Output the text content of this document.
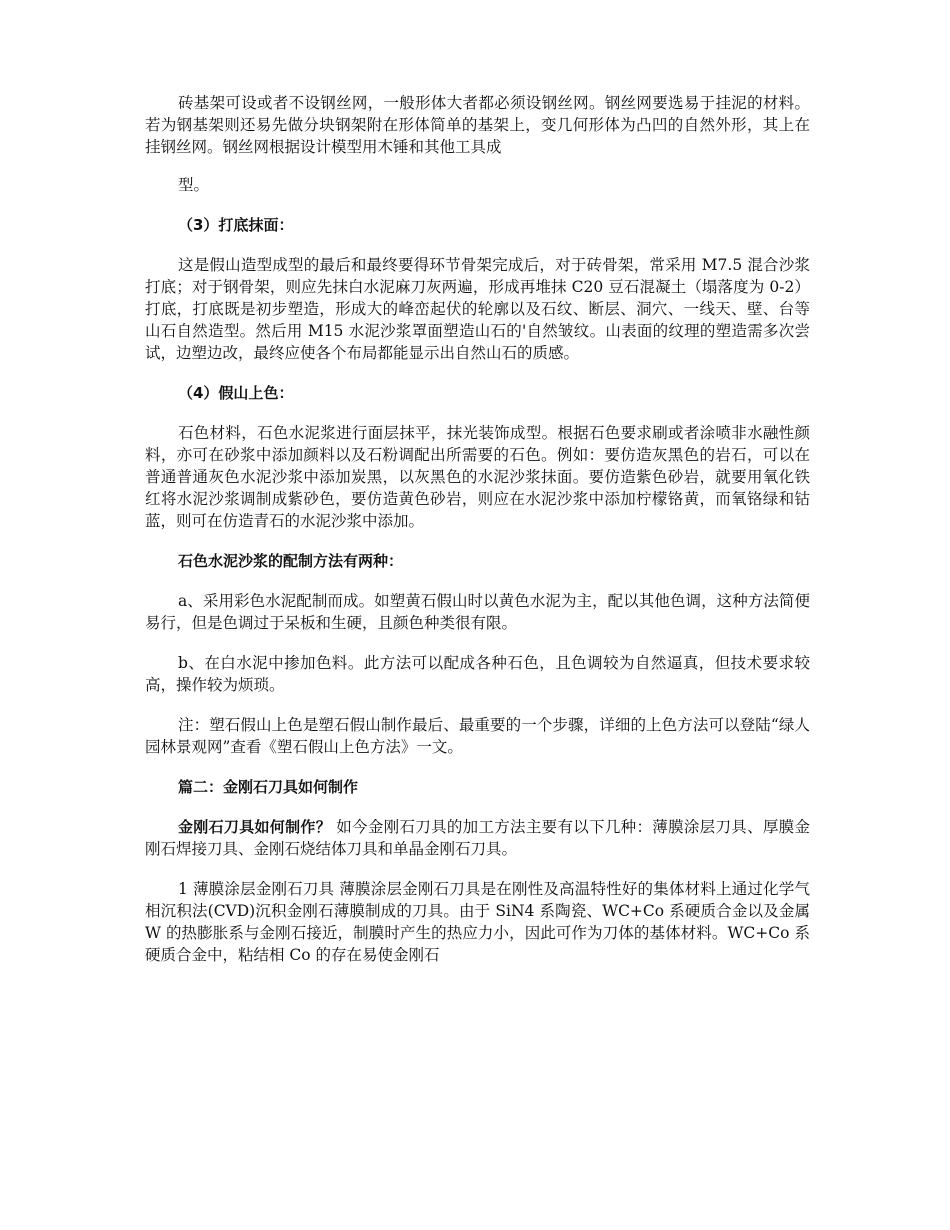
砖基架可设或者不设钢丝网，一般形体大者都必须设钢丝网。钢丝网要选易于挂泥的材料。若为钢基架则还易先做分块钢架附在形体简单的基架上，变几何形体为凸凹的自然外形，其上在挂钢丝网。钢丝网根据设计模型用木锤和其他工具成

型。

（3）打底抹面：

这是假山造型成型的最后和最终要得环节骨架完成后，对于砖骨架，常采用 M7.5 混合沙浆打底；对于钢骨架，则应先抹白水泥麻刀灰两遍，形成再堆抹 C20 豆石混凝土（塌落度为 0-2）打底，打底既是初步塑造，形成大的峰峦起伏的轮廓以及石纹、断层、洞穴、一线天、壁、台等山石自然造型。然后用 M15 水泥沙浆罩面塑造山石的'自然皱纹。山表面的纹理的塑造需多次尝试，边塑边改，最终应使各个布局都能显示出自然山石的质感。

（4）假山上色：

石色材料，石色水泥浆进行面层抹平，抹光装饰成型。根据石色要求刷或者涂喷非水融性颜料，亦可在砂浆中添加颜料以及石粉调配出所需要的石色。例如：要仿造灰黑色的岩石，可以在普通普通灰色水泥沙浆中添加炭黑，以灰黑色的水泥沙浆抹面。要仿造紫色砂岩，就要用氧化铁红将水泥沙浆调制成紫砂色，要仿造黄色砂岩，则应在水泥沙浆中添加柠檬铬黄，而氧铬绿和钴蓝，则可在仿造青石的水泥沙浆中添加。

石色水泥沙浆的配制方法有两种：

a、采用彩色水泥配制而成。如塑黄石假山时以黄色水泥为主，配以其他色调，这种方法简便易行，但是色调过于呆板和生硬，且颜色种类很有限。

b、在白水泥中掺加色料。此方法可以配成各种石色，且色调较为自然逼真，但技术要求较高，操作较为烦琐。

注：塑石假山上色是塑石假山制作最后、最重要的一个步骤，详细的上色方法可以登陆“绿人园林景观网”查看《塑石假山上色方法》一文。

篇二：金刚石刀具如何制作

金刚石刀具如何制作？ 如今金刚石刀具的加工方法主要有以下几种：薄膜涂层刀具、厚膜金刚石焊接刀具、金刚石烧结体刀具和单晶金刚石刀具。

1 薄膜涂层金刚石刀具 薄膜涂层金刚石刀具是在刚性及高温特性好的集体材料上通过化学气相沉积法(CVD)沉积金刚石薄膜制成的刀具。由于 SiN4 系陶瓷、WC+Co 系硬质合金以及金属 W 的热膨胀系与金刚石接近，制膜时产生的热应力小，因此可作为刀体的基体材料。WC+Co 系硬质合金中，粘结相 Co 的存在易使金刚石
